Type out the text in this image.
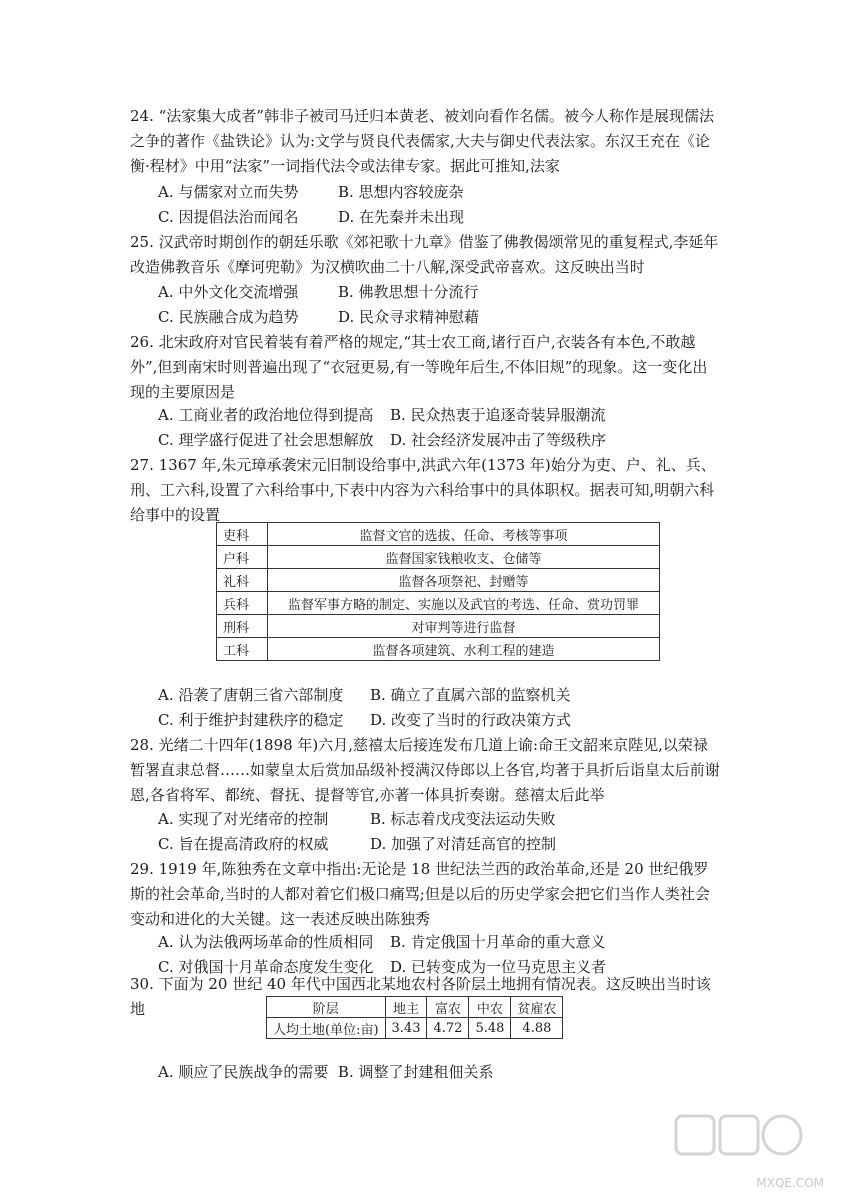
24. “法家集大成者”韩非子被司马迁归本黄老、被刘向看作名儒。被今人称作是展现儒法之争的著作《盐铁论》认为:文学与贤良代表儒家,大夫与御史代表法家。东汉王充在《论衡·程材》中用“法家”一词指代法令或法律专家。据此可推知,法家

A. 与儒家对立而失势	B. 思想内容较庞杂
C. 因提倡法治而闻名	D. 在先秦并未出现

25. 汉武帝时期创作的朝廷乐歌《郊祀歌十九章》借鉴了佛教偈颂常见的重复程式,李延年改造佛教音乐《摩诃兜勒》为汉横吹曲二十八解,深受武帝喜欢。这反映出当时

A. 中外文化交流增强	B. 佛教思想十分流行
C. 民族融合成为趋势	D. 民众寻求精神慰藉

26. 北宋政府对官民着装有着严格的规定,“其士农工商,诸行百户,衣装各有本色,不敢越外”,但到南宋时则普遍出现了“衣冠更易,有一等晚年后生,不体旧规”的现象。这一变化出现的主要原因是

A. 工商业者的政治地位得到提高 B. 民众热衷于追逐奇装异服潮流
C. 理学盛行促进了社会思想解放 D. 社会经济发展冲击了等级秩序

27. 1367 年,朱元璋承袭宋元旧制设给事中,洪武六年(1373 年)始分为吏、户、礼、兵、刑、工六科,设置了六科给事中,下表中内容为六科给事中的具体职权。据表可知,明朝六科给事中的设置

吏科	监督文官的选拔、任命、考核等事项
户科	监督国家钱粮收支、仓储等
礼科	监督各项祭祀、封赠等
兵科	监督军事方略的制定、实施以及武官的考选、任命、赏功罚罪
刑科	对审判等进行监督
工科	监督各项建筑、水利工程的建造
A. 沿袭了唐朝三省六部制度 B. 确立了直属六部的监察机关
C. 利于维护封建秩序的稳定 D. 改变了当时的行政决策方式

28. 光绪二十四年(1898 年)六月,慈禧太后接连发布几道上谕:命王文韶来京陛见,以荣禄暂署直隶总督……如蒙皇太后赏加品级补授满汉侍郎以上各官,均著于具折后诣皇太后前谢恩,各省将军、都统、督抚、提督等官,亦著一体具折奏谢。慈禧太后此举

A. 实现了对光绪帝的控制	B. 标志着戊戌变法运动失败
C. 旨在提高清政府的权威	D. 加强了对清廷高官的控制

29. 1919 年,陈独秀在文章中指出:无论是 18 世纪法兰西的政治革命,还是 20 世纪俄罗斯的社会革命,当时的人都对着它们极口痛骂;但是以后的历史学家会把它们当作人类社会变动和进化的大关键。这一表述反映出陈独秀

A. 认为法俄两场革命的性质相同 B. 肯定俄国十月革命的重大意义
C. 对俄国十月革命态度发生变化 D. 已转变成为一位马克思主义者

30. 下面为 20 世纪 40 年代中国西北某地农村各阶层土地拥有情况表。这反映出当时该地	阶层	地主	富农	中农	贫雇农
人均土地(单位:亩)	3.43	4.72	5.48	4.88
A. 顺应了民族战争的需要 B. 调整了封建租佃关系
MXQE.COM
